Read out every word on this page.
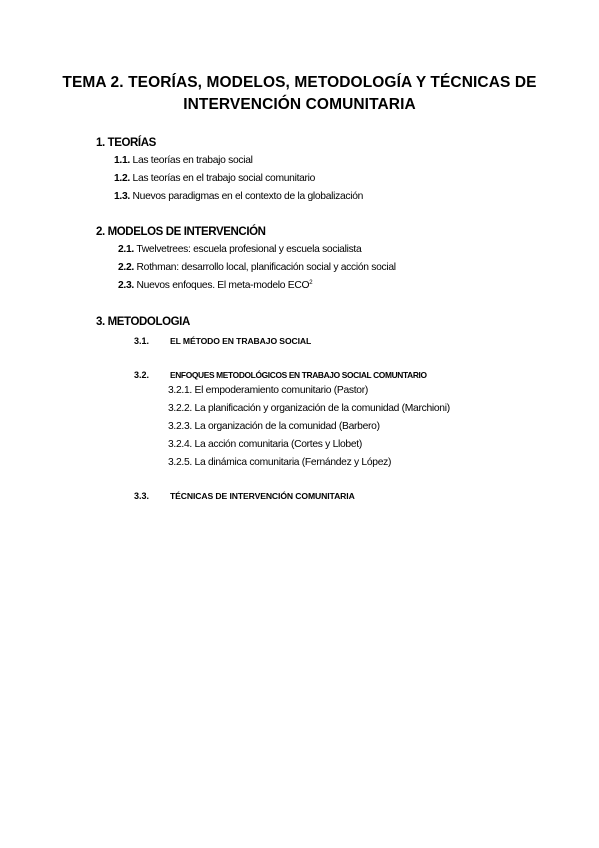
TEMA 2. TEORÍAS, MODELOS, METODOLOGÍA Y TÉCNICAS DE
INTERVENCIÓN COMUNITARIA
1. TEORÍAS
1.1. Las teorías en trabajo social
1.2. Las teorías en el trabajo social comunitario
1.3. Nuevos paradigmas en el contexto de la globalización
2. MODELOS DE INTERVENCIÓN
2.1. Twelvetrees: escuela profesional y escuela socialista
2.2. Rothman: desarrollo local, planificación social y acción social
2.3. Nuevos enfoques. El meta-modelo ECO$^2$
3. METODOLOGIA
3.1. EL MÉTODO EN TRABAJO SOCIAL
3.2. ENFOQUES METODOLÓGICOS EN TRABAJO SOCIAL COMUNTARIO
3.2.1. El empoderamiento comunitario (Pastor)
3.2.2. La planificación y organización de la comunidad (Marchioni)
3.2.3. La organización de la comunidad (Barbero)
3.2.4. La acción comunitaria (Cortes y Llobet)
3.2.5. La dinámica comunitaria (Fernández y López)
3.3. TÉCNICAS DE INTERVENCIÓN COMUNITARIA
